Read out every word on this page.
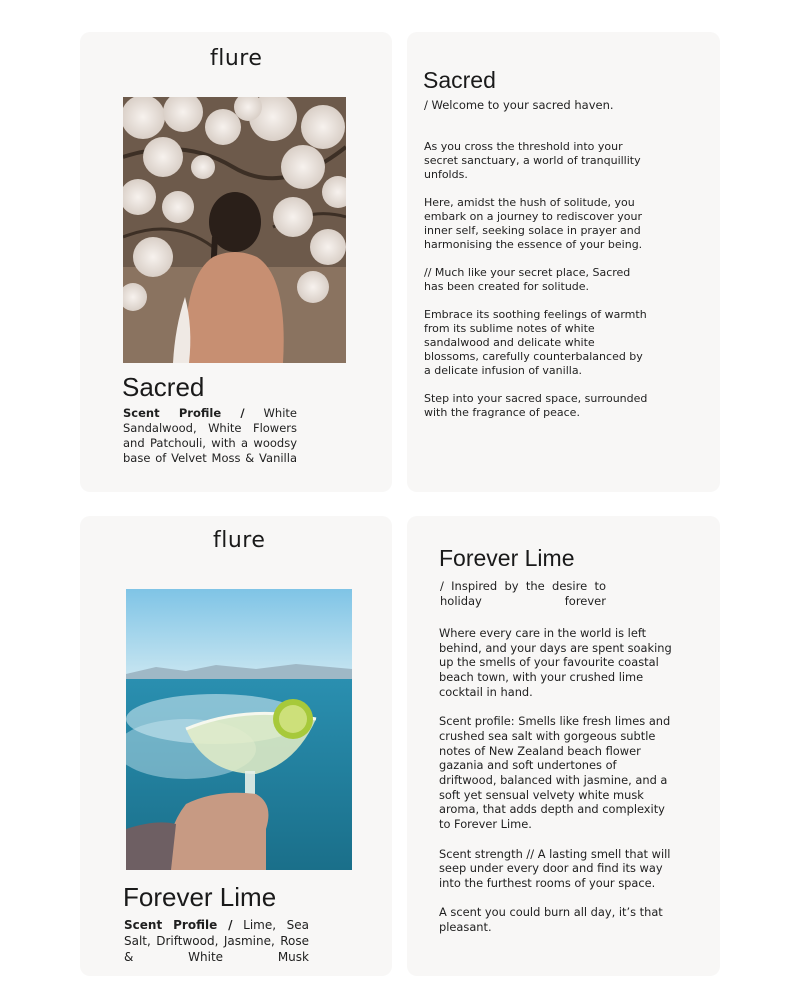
flure
Sacred
Scent Profile / White Sandalwood, White Flowers and Patchouli, with a woodsy base of Velvet Moss & Vanilla
Sacred
/ Welcome to your sacred haven.

As you cross the threshold into your secret sanctuary, a world of tranquillity unfolds.

Here, amidst the hush of solitude, you embark on a journey to rediscover your inner self, seeking solace in prayer and harmonising the essence of your being.

// Much like your secret place, Sacred has been created for solitude.

Embrace its soothing feelings of warmth from its sublime notes of white sandalwood and delicate white blossoms, carefully counterbalanced by a delicate infusion of vanilla.

Step into your sacred space, surrounded with the fragrance of peace.

flure
Forever Lime
Scent Profile / Lime, Sea Salt, Driftwood, Jasmine, Rose & White Musk
Forever Lime
/ Inspired by the desire to holiday forever

Where every care in the world is left behind, and your days are spent soaking up the smells of your favourite coastal beach town, with your crushed lime cocktail in hand.

Scent profile: Smells like fresh limes and crushed sea salt with gorgeous subtle notes of New Zealand beach flower gazania and soft undertones of driftwood, balanced with jasmine, and a soft yet sensual velvety white musk aroma, that adds depth and complexity to Forever Lime.

Scent strength // A lasting smell that will seep under every door and find its way into the furthest rooms of your space.

A scent you could burn all day, it’s that pleasant.
